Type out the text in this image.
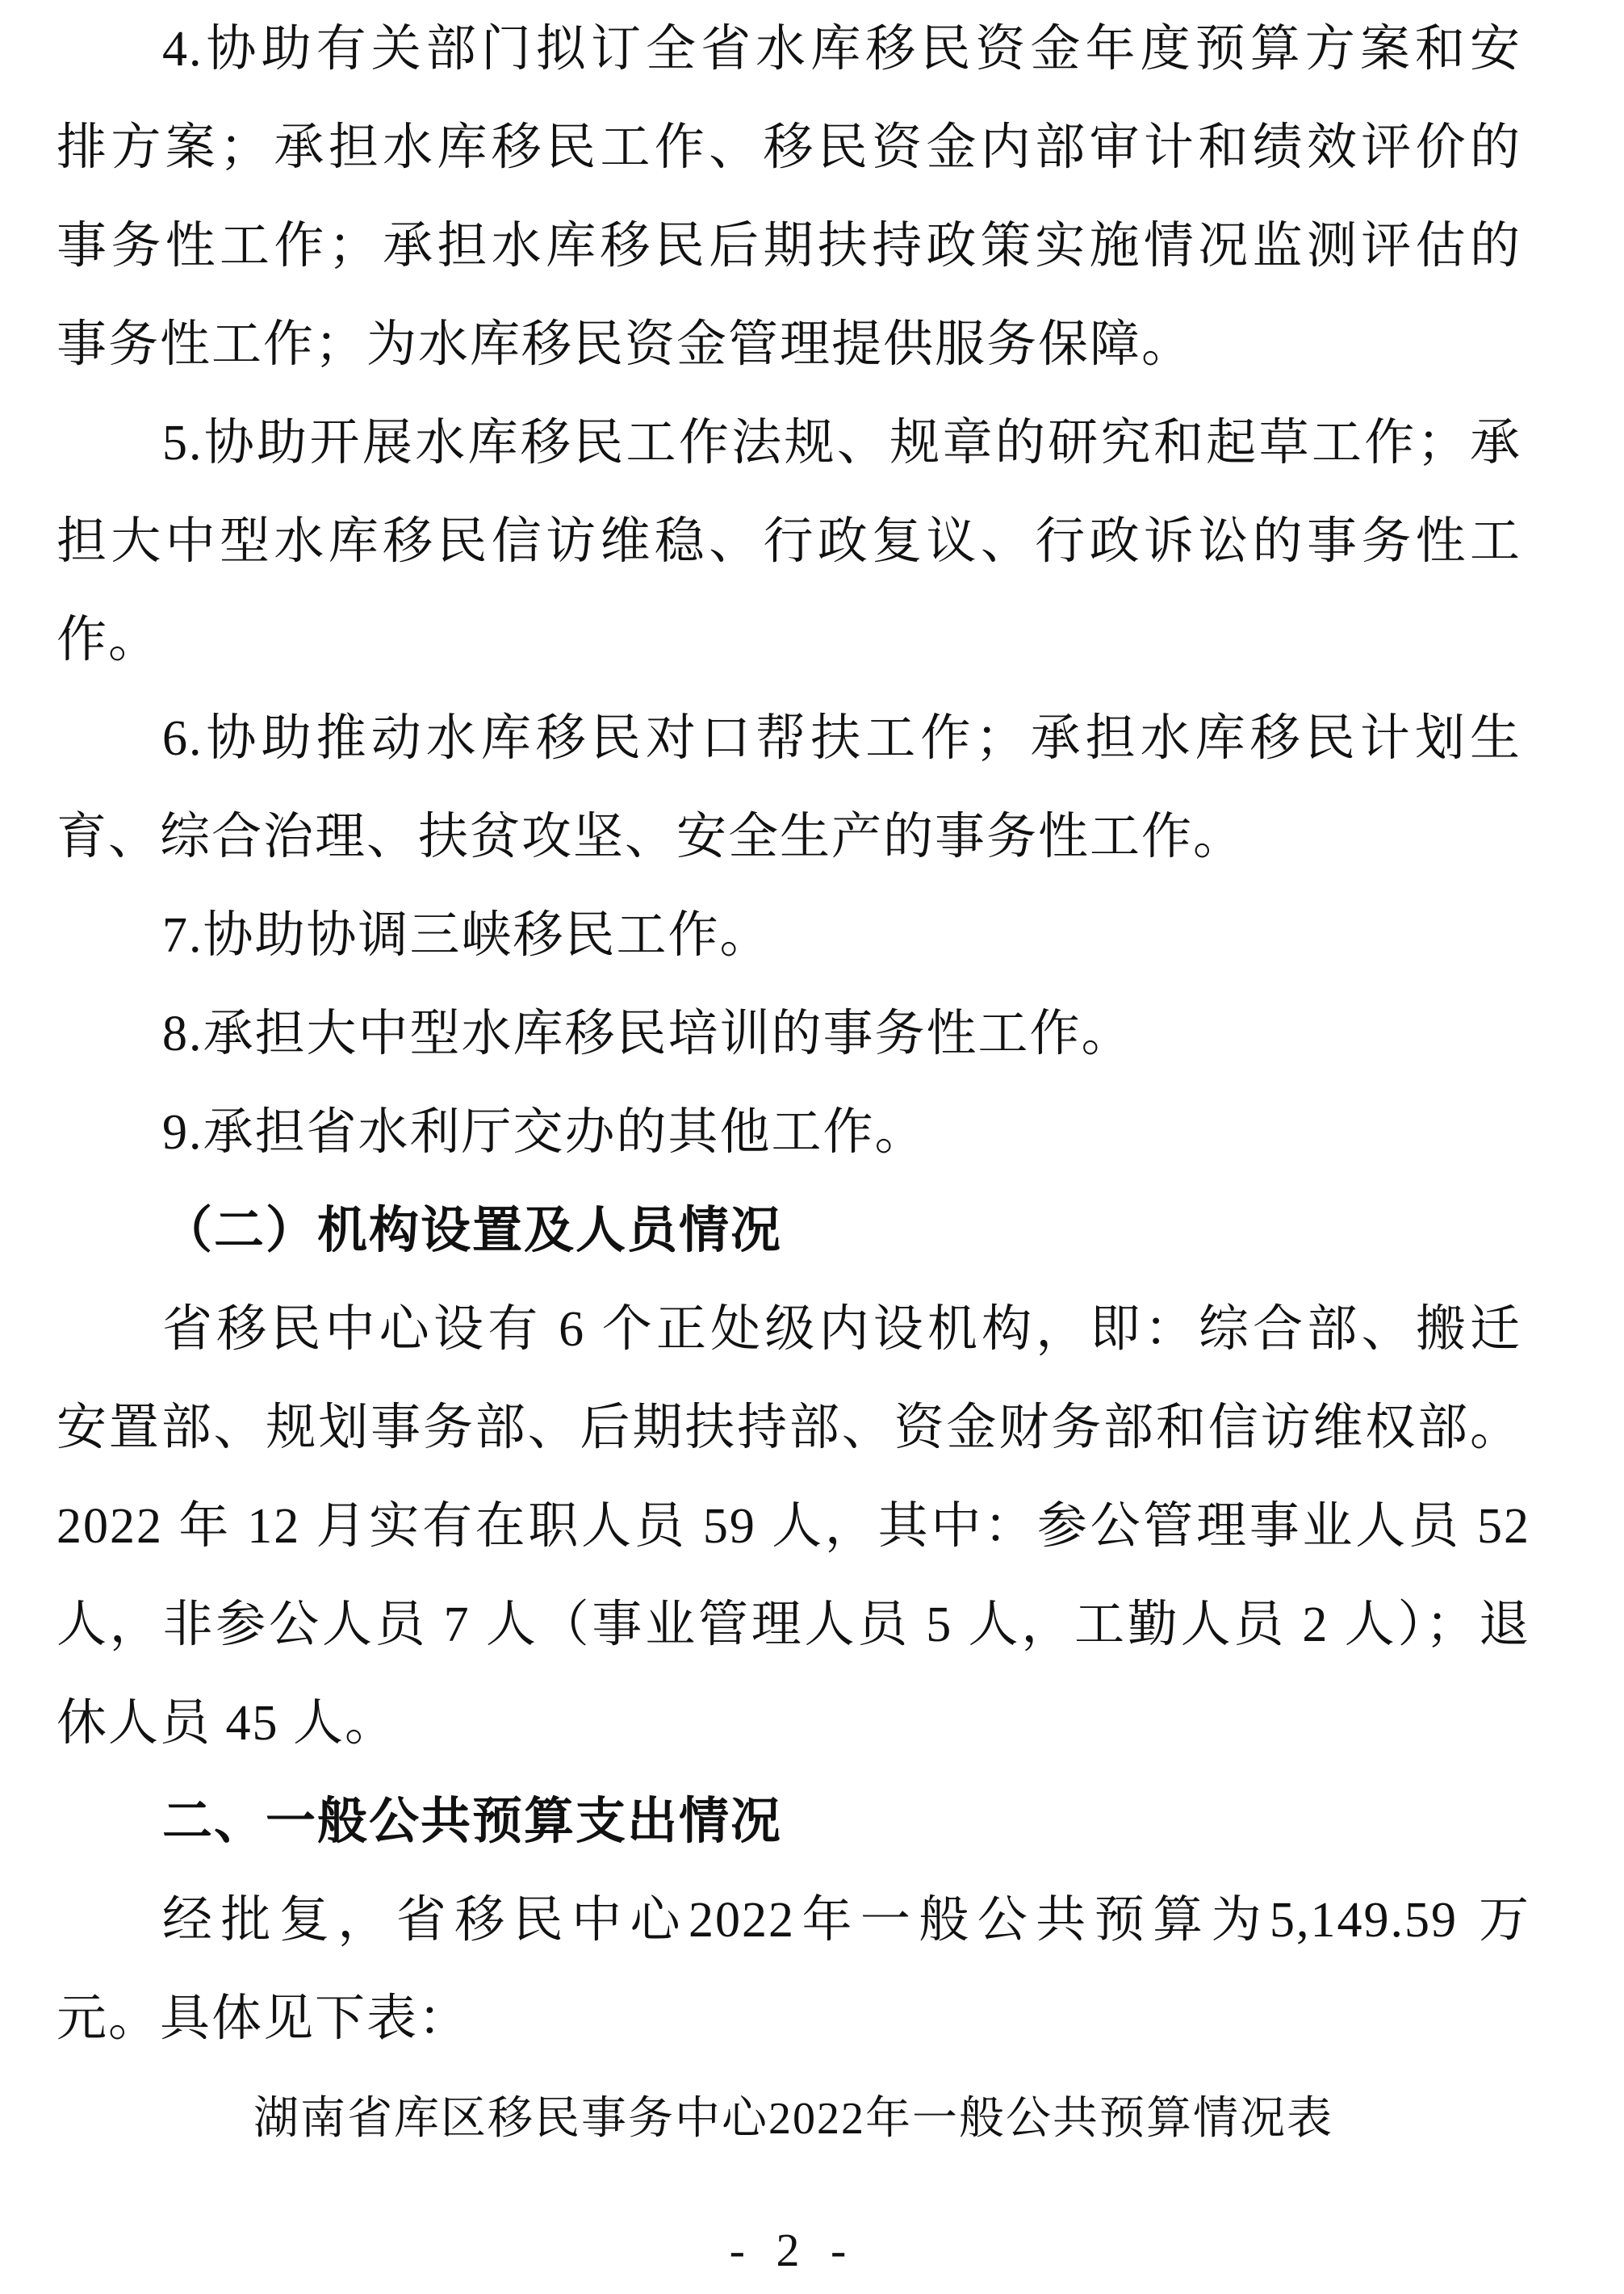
4.协助有关部门拟订全省水库移民资金年度预算方案和安
排方案；承担水库移民工作、移民资金内部审计和绩效评价的
事务性工作；承担水库移民后期扶持政策实施情况监测评估的
事务性工作；为水库移民资金管理提供服务保障。
5.协助开展水库移民工作法规、规章的研究和起草工作；承
担大中型水库移民信访维稳、行政复议、行政诉讼的事务性工
作。
6.协助推动水库移民对口帮扶工作；承担水库移民计划生
育、综合治理、扶贫攻坚、安全生产的事务性工作。
7.协助协调三峡移民工作。
8.承担大中型水库移民培训的事务性工作。
9.承担省水利厅交办的其他工作。
（二）机构设置及人员情况
省移民中心设有 6 个正处级内设机构，即：综合部、搬迁
安置部、规划事务部、后期扶持部、资金财务部和信访维权部。
2022 年 12 月实有在职人员 59 人，其中：参公管理事业人员 52
人，非参公人员 7 人（事业管理人员 5 人，工勤人员 2 人）；退
休人员 45 人。
二、一般公共预算支出情况
经批复，省移民中心2022年一般公共预算为5,149.59 万
元。具体见下表：
湖南省库区移民事务中心2022年一般公共预算情况表
- 2 -
